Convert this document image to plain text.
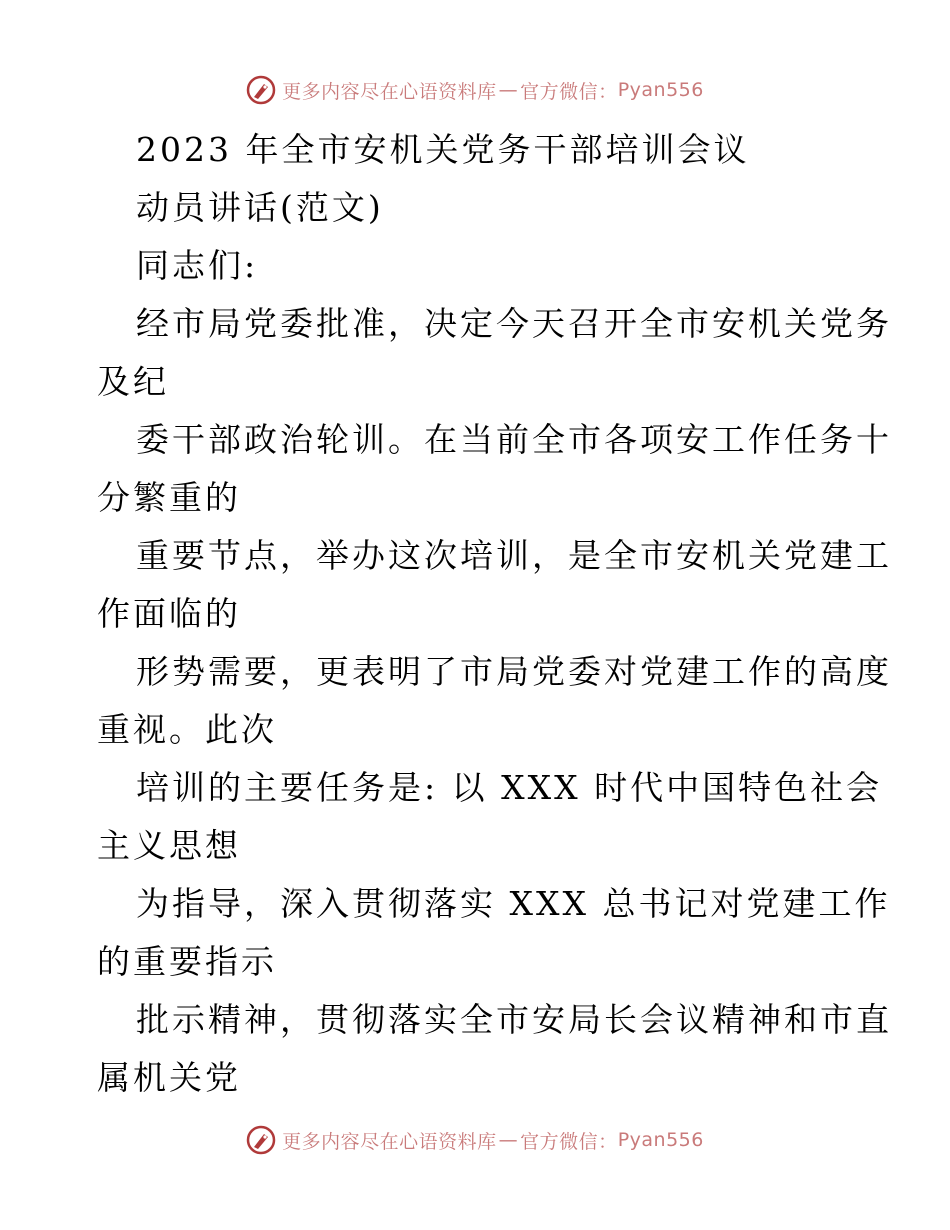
更多内容尽在心语资料库 — 官方微信： Pyan556
2023 年全市安机关党务干部培训会议
动员讲话(范文)
同志们:
经市局党委批准，决定今天召开全市安机关党务
及纪
委干部政治轮训。在当前全市各项安工作任务十
分繁重的
重要节点，举办这次培训，是全市安机关党建工
作面临的
形势需要，更表明了市局党委对党建工作的高度
重视。此次
培训的主要任务是: 以 XXX 时代中国特色社会
主义思想
为指导，深入贯彻落实 XXX 总书记对党建工作
的重要指示
批示精神，贯彻落实全市安局长会议精神和市直
属机关党
更多内容尽在心语资料库 — 官方微信： Pyan556
